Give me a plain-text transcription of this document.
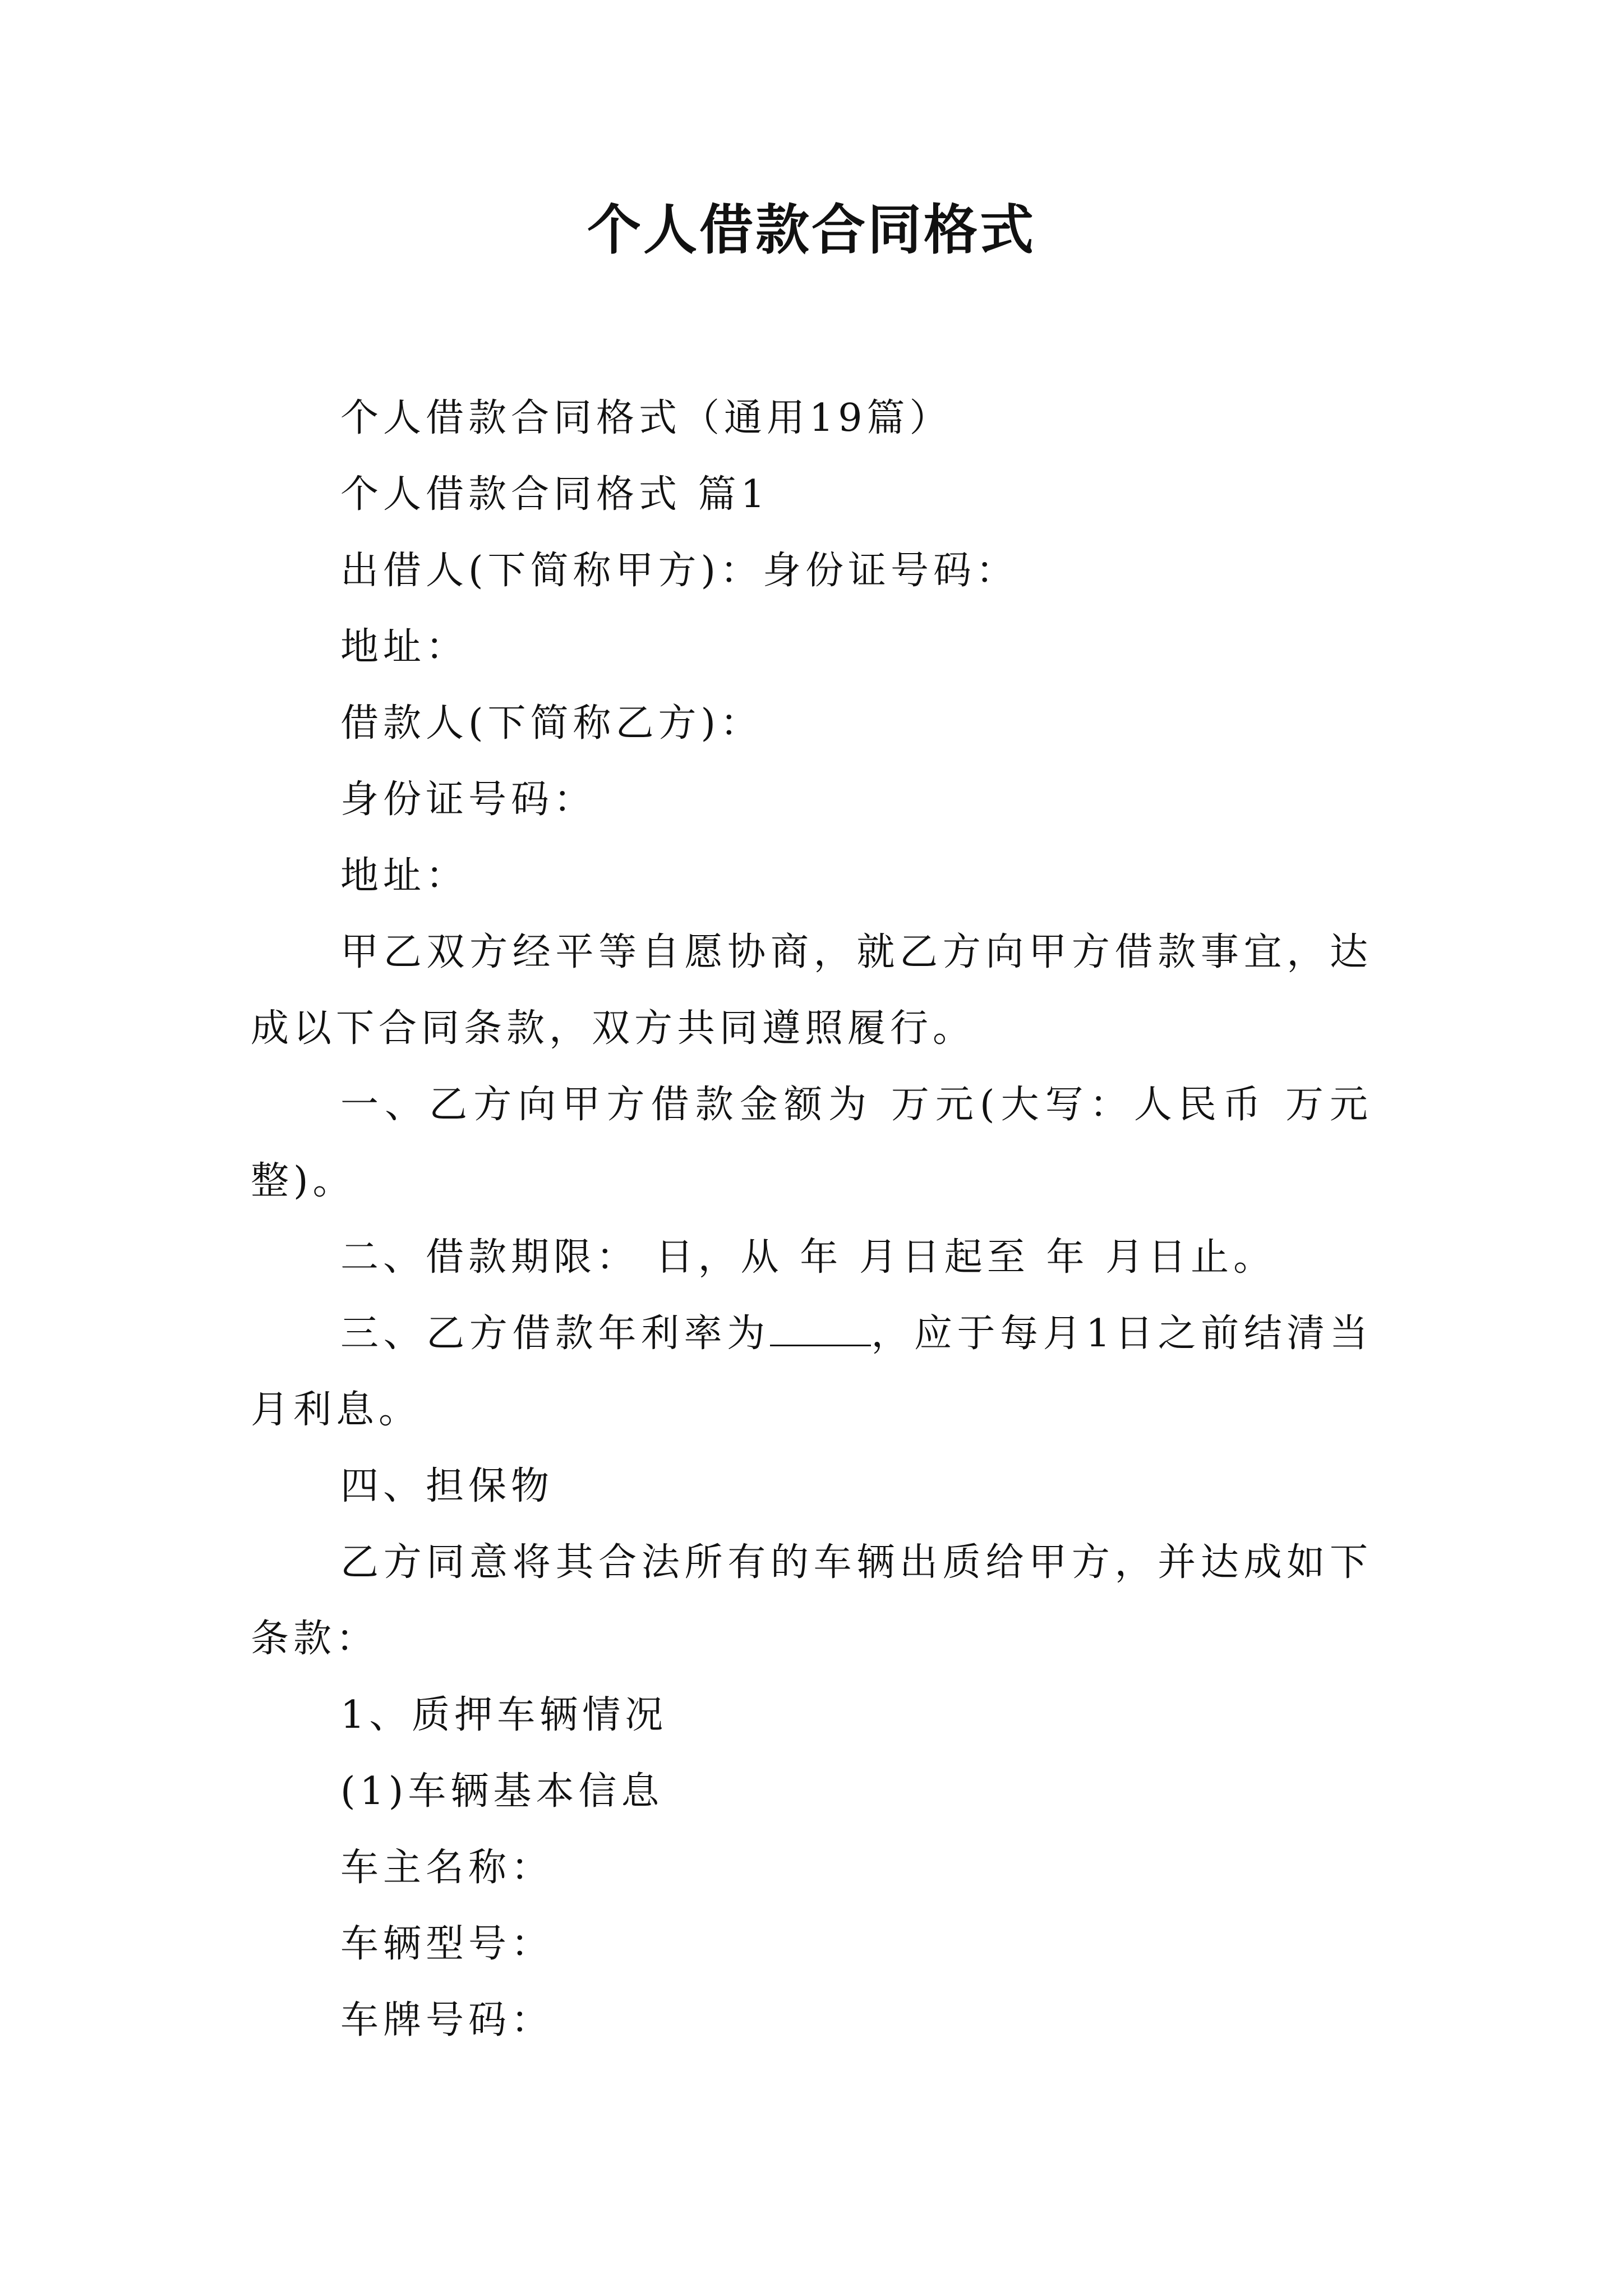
个人借款合同格式

个人借款合同格式（通用19篇）

个人借款合同格式 篇1

出借人(下简称甲方)：身份证号码：

地址：

借款人(下简称乙方)：

身份证号码：

地址：

甲乙双方经平等自愿协商，就乙方向甲方借款事宜，达成以下合同条款，双方共同遵照履行。

一、乙方向甲方借款金额为 万元(大写：人民币 万元整)。

二、借款期限： 日，从 年 月日起至 年 月日止。

三、乙方借款年利率为	，应于每月1日之前结清当月利息。

四、担保物

乙方同意将其合法所有的车辆出质给甲方，并达成如下条款：

1、质押车辆情况

(1)车辆基本信息

车主名称：

车辆型号：

车牌号码：
